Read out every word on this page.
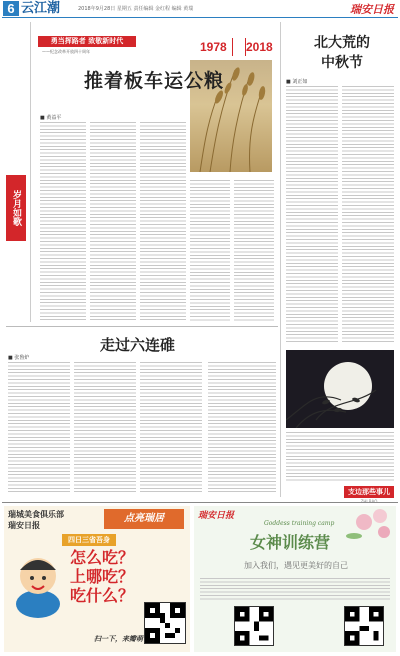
6 云江潮	2018年9月28日 星期五 责任编辑 金红程 编辑 黄瑞	瑞安日报
勇当挥路者 致敬新时代
——纪念改革开放四十周年	1978 2018
推着板车运公粮
■ 黄益平
岁月如歌
北大荒的
中秋节
■ 刘正如
支边那些事儿
走过六连碓
■ 张鲁炉
瑞城美食俱乐部
瑞安日报
点亮瑞居
四日三省吾身
怎么吃？
上哪吃？
吃什么？
扫一下，来瓣萌
瑞安日报
Goddess training camp
女神训练营
加入我们，遇见更美好的自己
